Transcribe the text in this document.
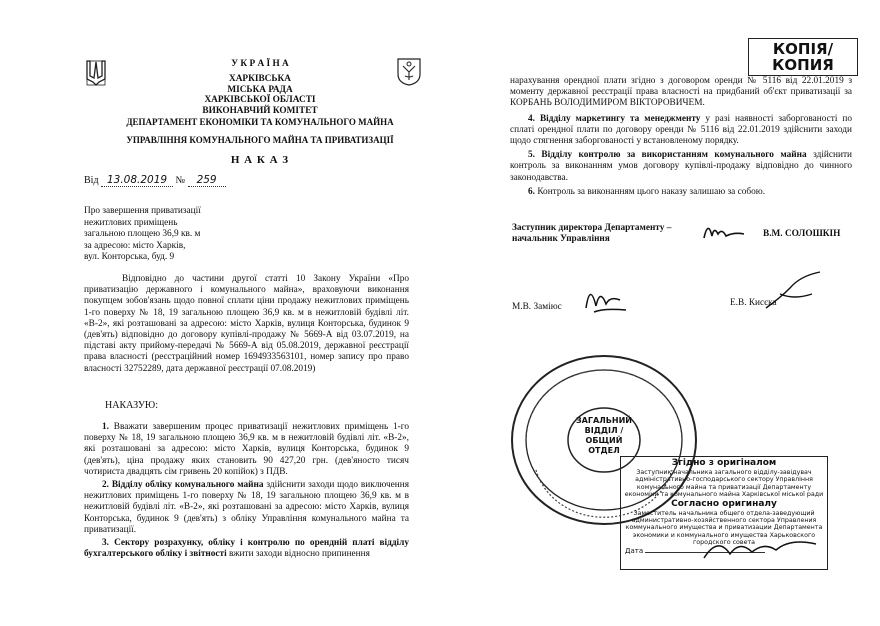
У К Р А Ї Н А
ХАРКІВСЬКА
МІСЬКА РАДА
ХАРКІВСЬКОЇ ОБЛАСТІ
ВИКОНАВЧИЙ КОМІТЕТ
ДЕПАРТАМЕНТ ЕКОНОМІКИ ТА КОМУНАЛЬНОГО МАЙНА
УПРАВЛІННЯ КОМУНАЛЬНОГО МАЙНА ТА ПРИВАТИЗАЦІЇ
Н А К А З
Від 13.08.2019 № 259
Про завершення приватизації
нежитлових приміщень
загальною площею 36,9 кв. м
за адресою: місто Харків,
вул. Конторська, буд. 9

Відповідно до частини другої статті 10 Закону України «Про приватизацію державного і комунального майна», враховуючи виконання покупцем зобов'язань щодо повної сплати ціни продажу нежитлових приміщень 1-го поверху № 18, 19 загальною площею 36,9 кв. м в нежитловій будівлі літ. «В-2», які розташовані за адресою: місто Харків, вулиця Конторська, будинок 9 (дев'ять) відповідно до договору купівлі-продажу № 5669-А від 03.07.2019, на підставі акту прийому-передачі № 5669-А від 05.08.2019, державної реєстрації права власності (реєстраційний номер 1694933563101, номер запису про право власності 32752289, дата державної реєстрації 07.08.2019)

НАКАЗУЮ:

1. Вважати завершеним процес приватизації нежитлових приміщень 1-го поверху № 18, 19 загальною площею 36,9 кв. м в нежитловій будівлі літ. «В-2», які розташовані за адресою: місто Харків, вулиця Конторська, будинок 9 (дев'ять), ціна продажу яких становить 90 427,20 грн. (дев'яносто тисяч чотириста двадцять сім гривень 20 копійок) з ПДВ.

2. Відділу обліку комунального майна здійснити заходи щодо виключення нежитлових приміщень 1-го поверху № 18, 19 загальною площею 36,9 кв. м в нежитловій будівлі літ. «В-2», які розташовані за адресою: місто Харків, вулиця Конторська, будинок 9 (дев'ять) з обліку Управління комунального майна та приватизації.

3. Сектору розрахунку, обліку і контролю по орендній платі відділу бухгалтерського обліку і звітності вжити заходи відносно припинення

КОПІЯ/
КОПИЯ

нарахування орендної плати згідно з договором оренди № 5116 від 22.01.2019 з моменту державної реєстрації права власності на придбаний об'єкт приватизації за КОРБАНЬ ВОЛОДИМИРОМ ВІКТОРОВИЧЕМ.

4. Відділу маркетингу та менеджменту у разі наявності заборгованості по сплаті орендної плати по договору оренди № 5116 від 22.01.2019 здійснити заходи щодо стягнення заборгованості у встановленому порядку.

5. Відділу контролю за використанням комунального майна здійснити контроль за виконанням умов договору купівлі-продажу відповідно до чинного законодавства.

6. Контроль за виконанням цього наказу залишаю за собою.

Заступник директора Департаменту –
начальник Управління
В.М. СОЛОШКІН
М.В. Заміюс	Е.В. Кисєка
ЗАГАЛЬНИЙ
ВІДДІЛ /
ОБЩИЙ ОТДЕЛ
Згідно з оригіналом
Заступник начальника загального відділу-завідувач адміністративно-господарського сектору Управління комунального майна та приватизації Департаменту економіки та комунального майна Харківської міської ради
Согласно оригиналу
Заместитель начальника общего отдела-заведующий административно-хозяйственного сектора Управления коммунального имущества и приватизации Департамента экономики и коммунального имущества Харьковского городского совета
Дата
